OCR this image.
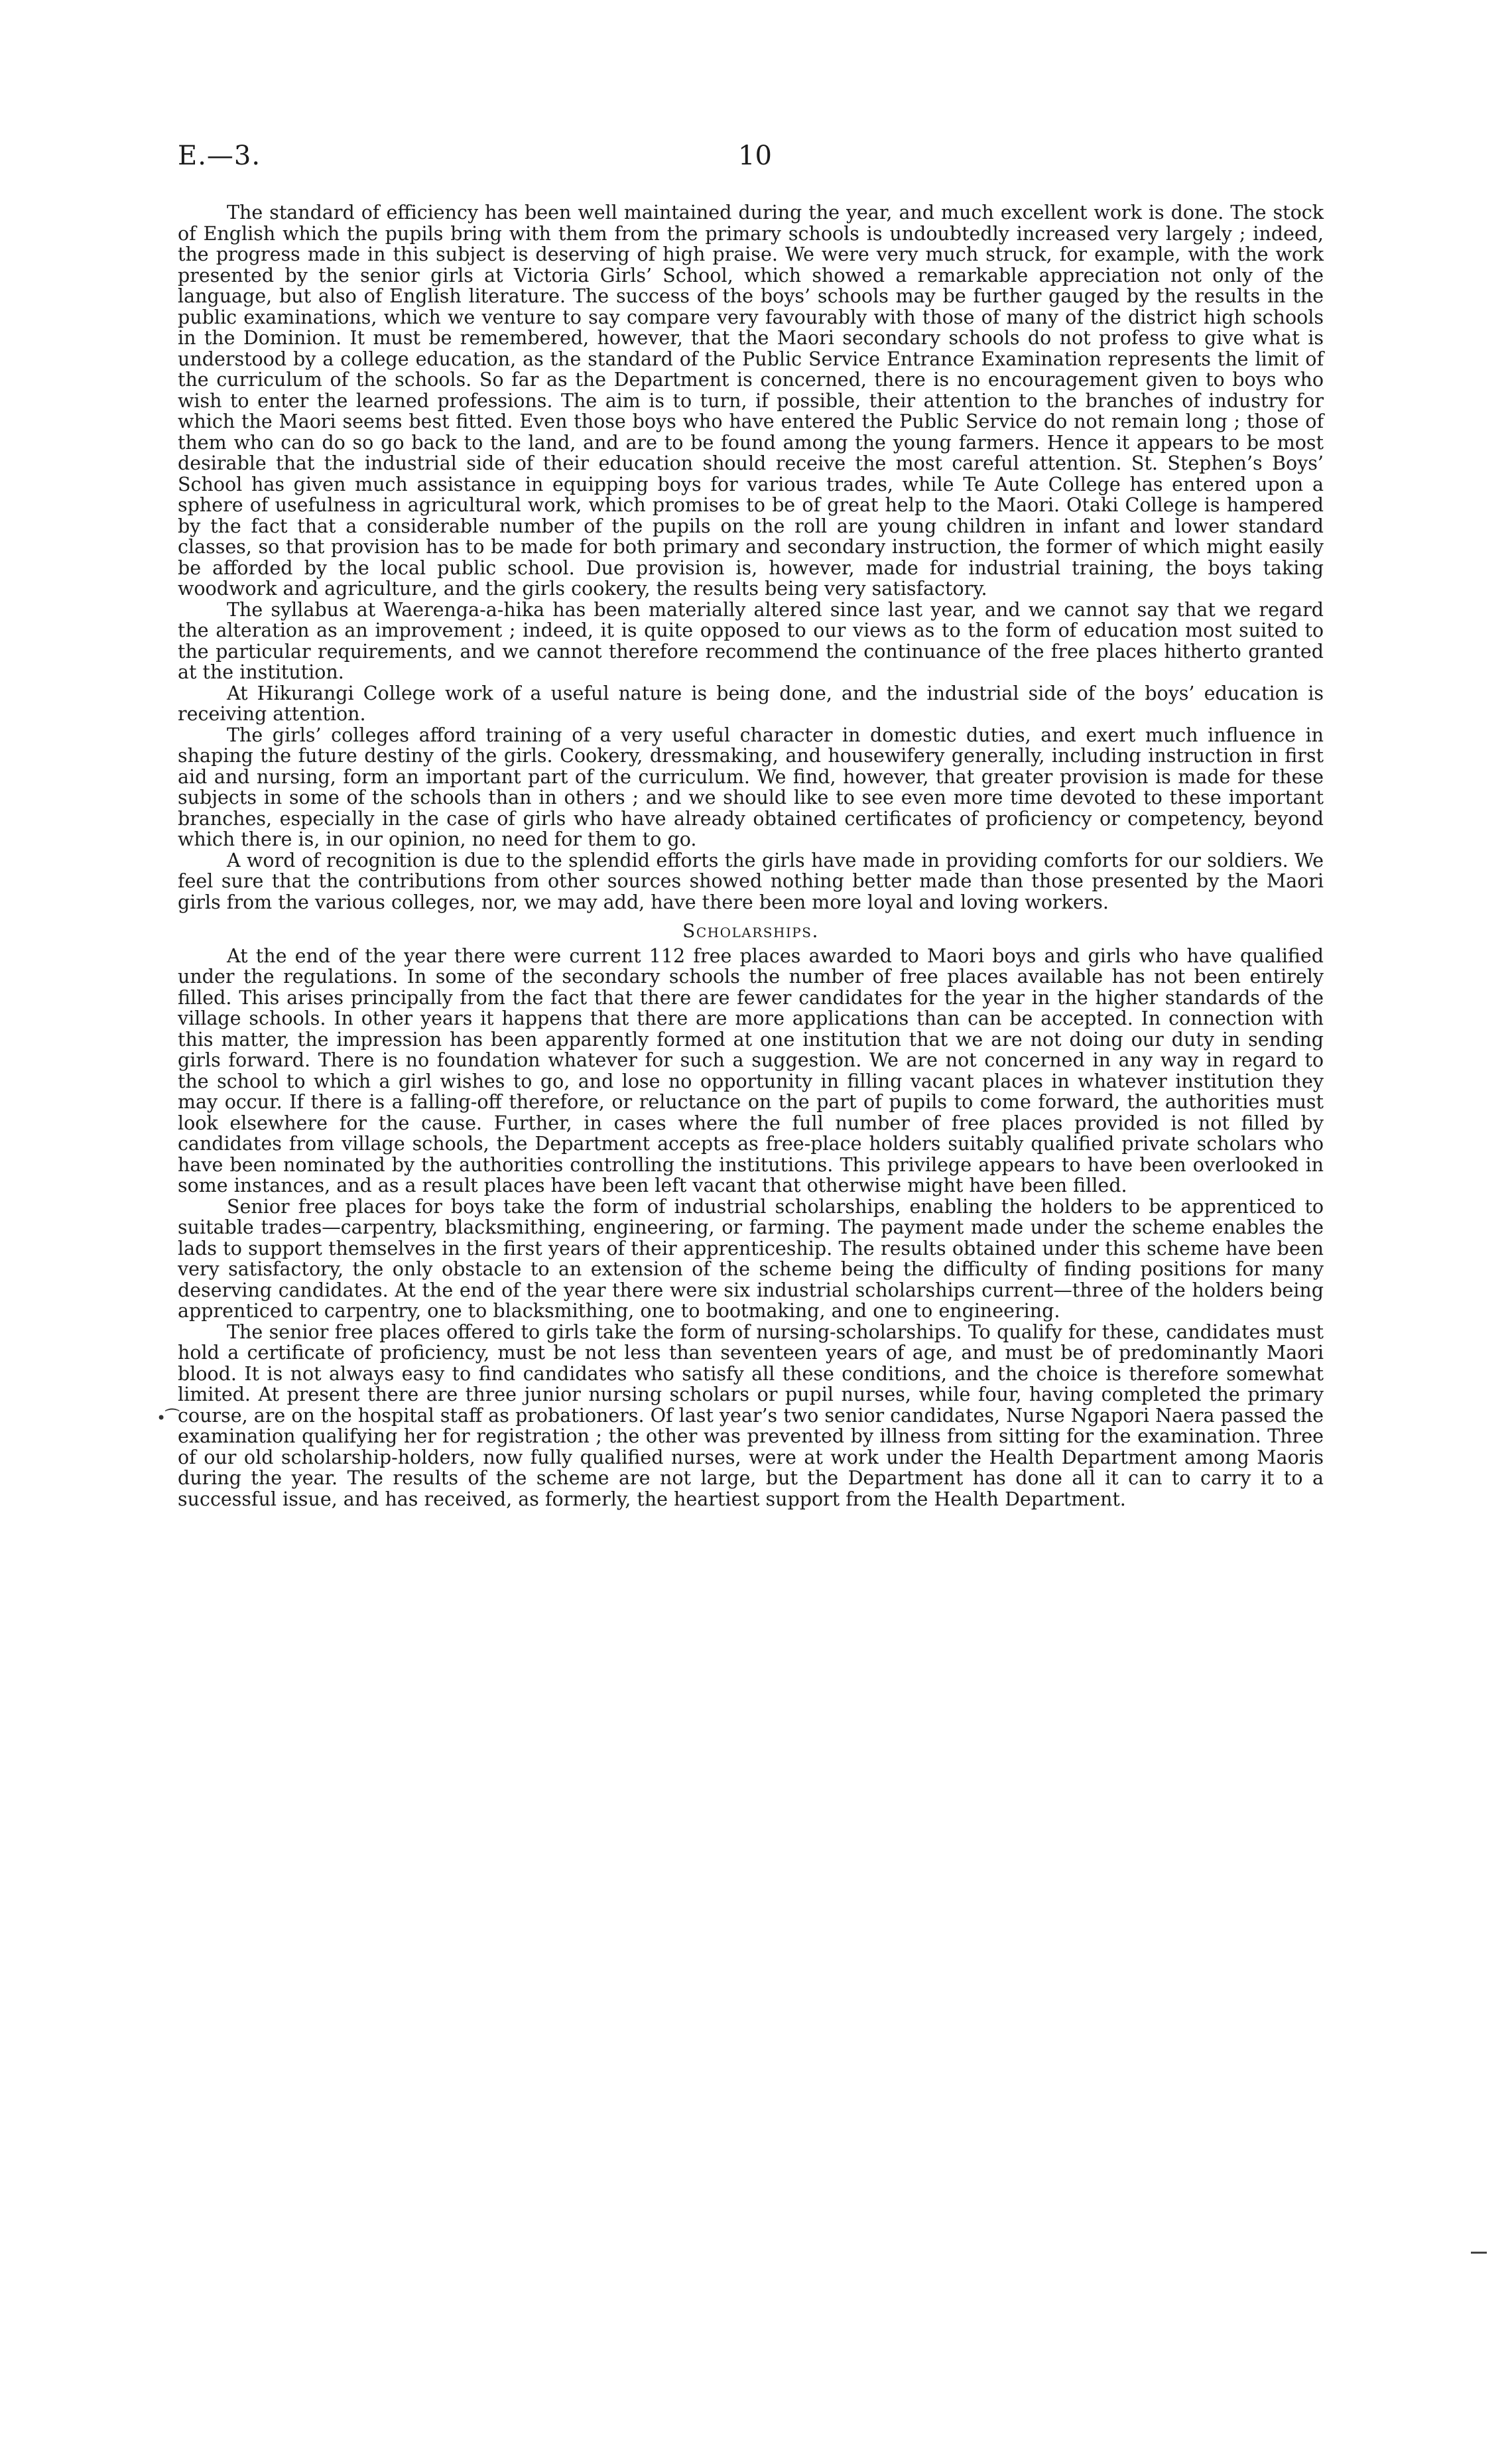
E.—3.	10
•⁀

The standard of efficiency has been well maintained during the year, and much excellent work is done. The stock of English which the pupils bring with them from the primary schools is undoubtedly increased very largely ; indeed, the progress made in this subject is deserving of high praise. We were very much struck, for example, with the work presented by the senior girls at Victoria Girls’ School, which showed a remarkable appreciation not only of the language, but also of English literature. The success of the boys’ schools may be further gauged by the results in the public examinations, which we venture to say compare very favourably with those of many of the district high schools in the Dominion. It must be remembered, however, that the Maori secondary schools do not profess to give what is understood by a college education, as the standard of the Public Service Entrance Examination represents the limit of the curriculum of the schools. So far as the Department is concerned, there is no encouragement given to boys who wish to enter the learned professions. The aim is to turn, if possible, their attention to the branches of industry for which the Maori seems best fitted. Even those boys who have entered the Public Service do not remain long ; those of them who can do so go back to the land, and are to be found among the young farmers. Hence it appears to be most desirable that the industrial side of their education should receive the most careful attention. St. Stephen’s Boys’ School has given much assistance in equipping boys for various trades, while Te Aute College has entered upon a sphere of usefulness in agricultural work, which promises to be of great help to the Maori. Otaki College is hampered by the fact that a considerable number of the pupils on the roll are young children in infant and lower standard classes, so that provision has to be made for both primary and secondary instruction, the former of which might easily be afforded by the local public school. Due provision is, however, made for industrial training, the boys taking woodwork and agriculture, and the girls cookery, the results being very satisfactory.

The syllabus at Waerenga-a-hika has been materially altered since last year, and we cannot say that we regard the alteration as an improvement ; indeed, it is quite opposed to our views as to the form of education most suited to the particular requirements, and we cannot therefore recommend the continuance of the free places hitherto granted at the institution.

At Hikurangi College work of a useful nature is being done, and the industrial side of the boys’ education is receiving attention.

The girls’ colleges afford training of a very useful character in domestic duties, and exert much influence in shaping the future destiny of the girls. Cookery, dressmaking, and housewifery generally, including instruction in first aid and nursing, form an important part of the curriculum. We find, however, that greater provision is made for these subjects in some of the schools than in others ; and we should like to see even more time devoted to these important branches, especially in the case of girls who have already obtained certificates of proficiency or competency, beyond which there is, in our opinion, no need for them to go.

A word of recognition is due to the splendid efforts the girls have made in providing comforts for our soldiers. We feel sure that the contributions from other sources showed nothing better made than those presented by the Maori girls from the various colleges, nor, we may add, have there been more loyal and loving workers.

Scholarships.

At the end of the year there were current 112 free places awarded to Maori boys and girls who have qualified under the regulations. In some of the secondary schools the number of free places available has not been entirely filled. This arises principally from the fact that there are fewer candidates for the year in the higher standards of the village schools. In other years it happens that there are more applications than can be accepted. In connection with this matter, the impression has been apparently formed at one institution that we are not doing our duty in sending girls forward. There is no foundation whatever for such a suggestion. We are not concerned in any way in regard to the school to which a girl wishes to go, and lose no opportunity in filling vacant places in whatever institution they may occur. If there is a falling-off therefore, or reluctance on the part of pupils to come forward, the authorities must look elsewhere for the cause. Further, in cases where the full number of free places provided is not filled by candidates from village schools, the Department accepts as free-place holders suitably qualified private scholars who have been nominated by the authorities controlling the institutions. This privilege appears to have been overlooked in some instances, and as a result places have been left vacant that otherwise might have been filled.

Senior free places for boys take the form of industrial scholarships, enabling the holders to be apprenticed to suitable trades—carpentry, blacksmithing, engineering, or farming. The payment made under the scheme enables the lads to support themselves in the first years of their apprenticeship. The results obtained under this scheme have been very satisfactory, the only obstacle to an extension of the scheme being the difficulty of finding positions for many deserving candidates. At the end of the year there were six industrial scholarships current—three of the holders being apprenticed to carpentry, one to blacksmithing, one to bootmaking, and one to engineering.

The senior free places offered to girls take the form of nursing-scholarships. To qualify for these, candidates must hold a certificate of proficiency, must be not less than seventeen years of age, and must be of predominantly Maori blood. It is not always easy to find candidates who satisfy all these conditions, and the choice is therefore somewhat limited. At present there are three junior nursing scholars or pupil nurses, while four, having completed the primary course, are on the hospital staff as probationers. Of last year’s two senior candidates, Nurse Ngapori Naera passed the examination qualifying her for registration ; the other was prevented by illness from sitting for the examination. Three of our old scholarship-holders, now fully qualified nurses, were at work under the Health Department among Maoris during the year. The results of the scheme are not large, but the Department has done all it can to carry it to a successful issue, and has received, as formerly, the heartiest support from the Health Department.
